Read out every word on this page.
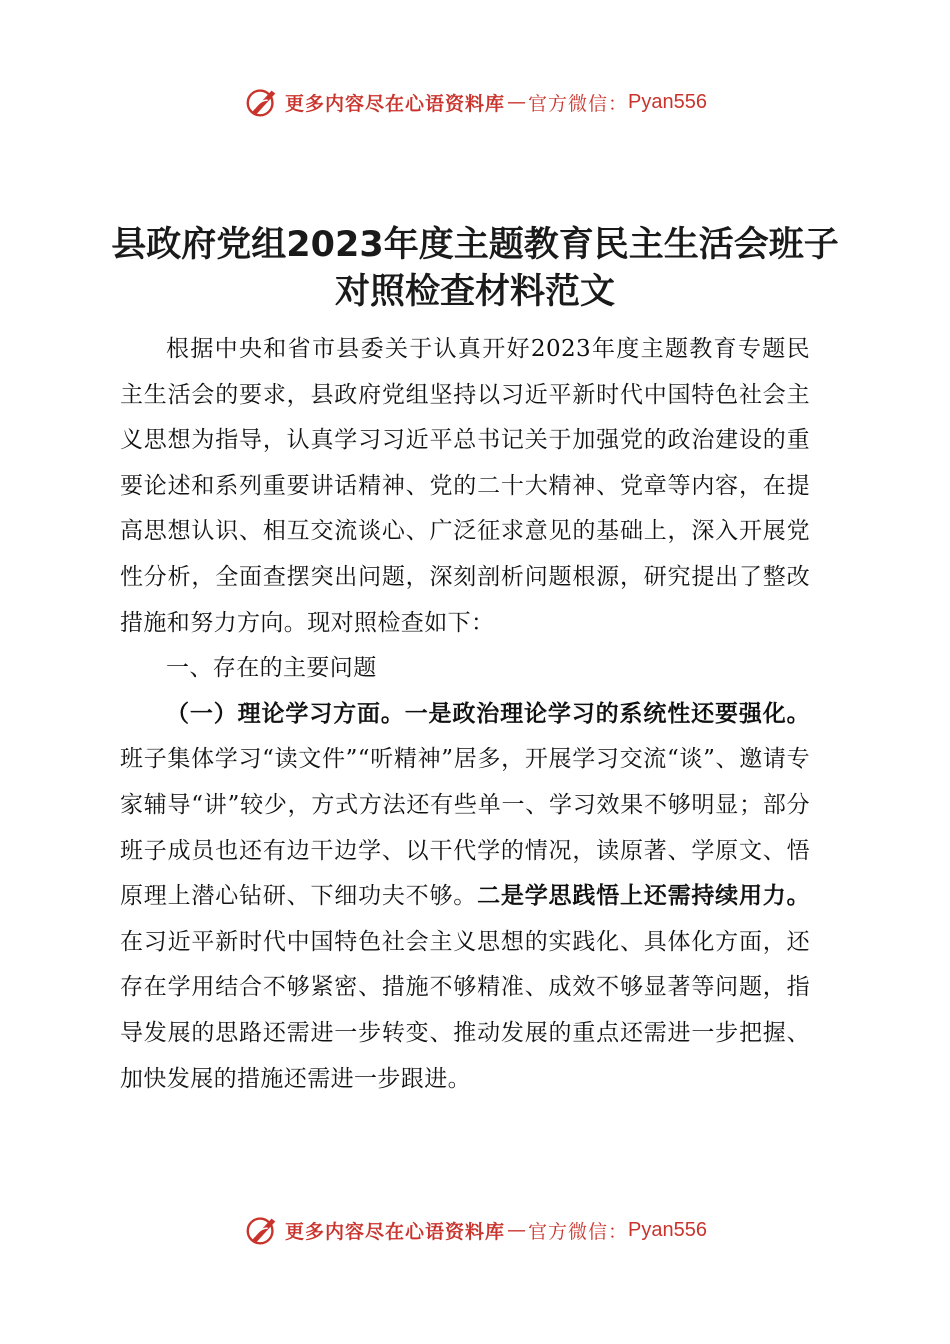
更多内容尽在心语资料库 — 官方微信： Pyan556
县政府党组2023年度主题教育民主生活会班子对照检查材料范文

根据中央和省市县委关于认真开好2023年度主题教育专题民主生活会的要求，县政府党组坚持以习近平新时代中国特色社会主义思想为指导，认真学习习近平总书记关于加强党的政治建设的重要论述和系列重要讲话精神、党的二十大精神、党章等内容，在提高思想认识、相互交流谈心、广泛征求意见的基础上，深入开展党性分析，全面查摆突出问题，深刻剖析问题根源，研究提出了整改措施和努力方向。现对照检查如下：

一、存在的主要问题

（一）理论学习方面。一是政治理论学习的系统性还要强化。班子集体学习“读文件”“听精神”居多，开展学习交流“谈”、邀请专家辅导“讲”较少，方式方法还有些单一、学习效果不够明显；部分班子成员也还有边干边学、以干代学的情况，读原著、学原文、悟原理上潜心钻研、下细功夫不够。二是学思践悟上还需持续用力。在习近平新时代中国特色社会主义思想的实践化、具体化方面，还存在学用结合不够紧密、措施不够精准、成效不够显著等问题，指导发展的思路还需进一步转变、推动发展的重点还需进一步把握、加快发展的措施还需进一步跟进。

更多内容尽在心语资料库 — 官方微信： Pyan556
